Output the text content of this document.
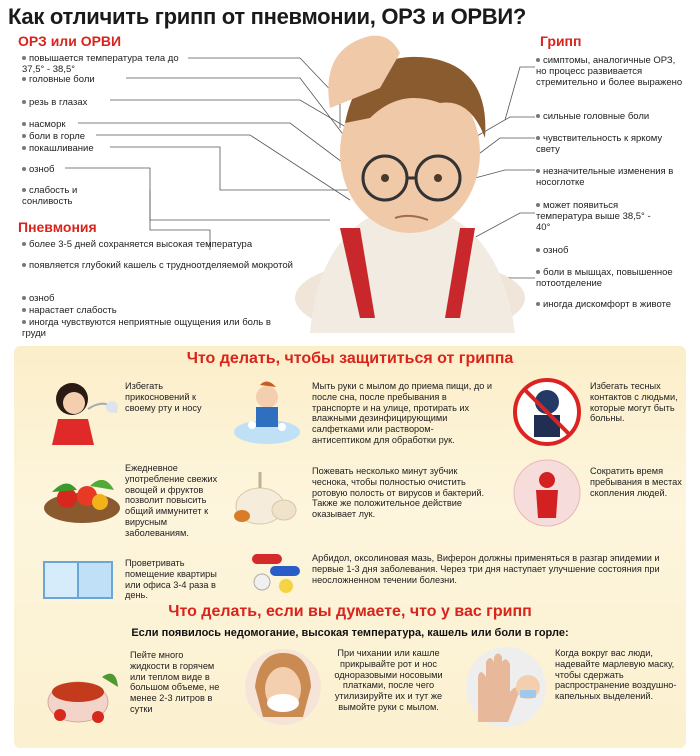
Как отличить грипп от пневмонии, ОРЗ и ОРВИ?
ОРЗ или ОРВИ
повышается температура тела до 37,5° - 38,5°
головные боли
резь в глазах
насморк
боли в горле
покашливание
озноб
слабость и сонливость
Пневмония
более 3-5 дней сохраняется высокая температура
появляется глубокий кашель с трудноотделяемой мокротой
озноб
нарастает слабость
иногда чувствуются неприятные ощущения или боль в груди
Грипп
симптомы, аналогичные ОРЗ, но процесс развивается стремительно и более выражено
сильные головные боли
чувствительность к яркому свету
незначительные изменения в носоглотке
может появиться температура выше 38,5° - 40°
озноб
боли в мышцах, повышенное потоотделение
иногда дискомфорт в животе
Что делать, чтобы защититься от гриппа
Избегать прикосновений к своему рту и носу
Мыть руки с мылом до приема пищи, до и после сна, после пребывания в транспорте и на улице, протирать их влажными дезинфицирующими салфетками или раствором-антисептиком для обработки рук.
Избегать тесных контактов с людьми, которые могут быть больны.
Ежедневное употребление свежих овощей и фруктов позволит повысить общий иммунитет к вирусным заболеваниям.
Пожевать несколько минут зубчик чеснока, чтобы полностью очистить ротовую полость от вирусов и бактерий. Также же положительное действие оказывает лук.
Сократить время пребывания в местах скопления людей.
Проветривать помещение квартиры или офиса 3-4 раза в день.
Арбидол, оксолиновая мазь, Виферон должны применяться в разгар эпидемии и первые 1-3 дня заболевания. Через три дня наступает улучшение состояния при неосложненном течении болезни.
Что делать, если вы думаете, что у вас грипп
Если появилось недомогание, высокая температура, кашель или боли в горле:
Пейте много жидкости в горячем или теплом виде в большом объеме, не менее 2-3 литров в сутки
При чихании или кашле прикрывайте рот и нос одноразовыми носовыми платками, после чего утилизируйте их и тут же вымойте руки с мылом.
Когда вокруг вас люди, надевайте марлевую маску, чтобы сдержать распространение воздушно-капельных выделений.
